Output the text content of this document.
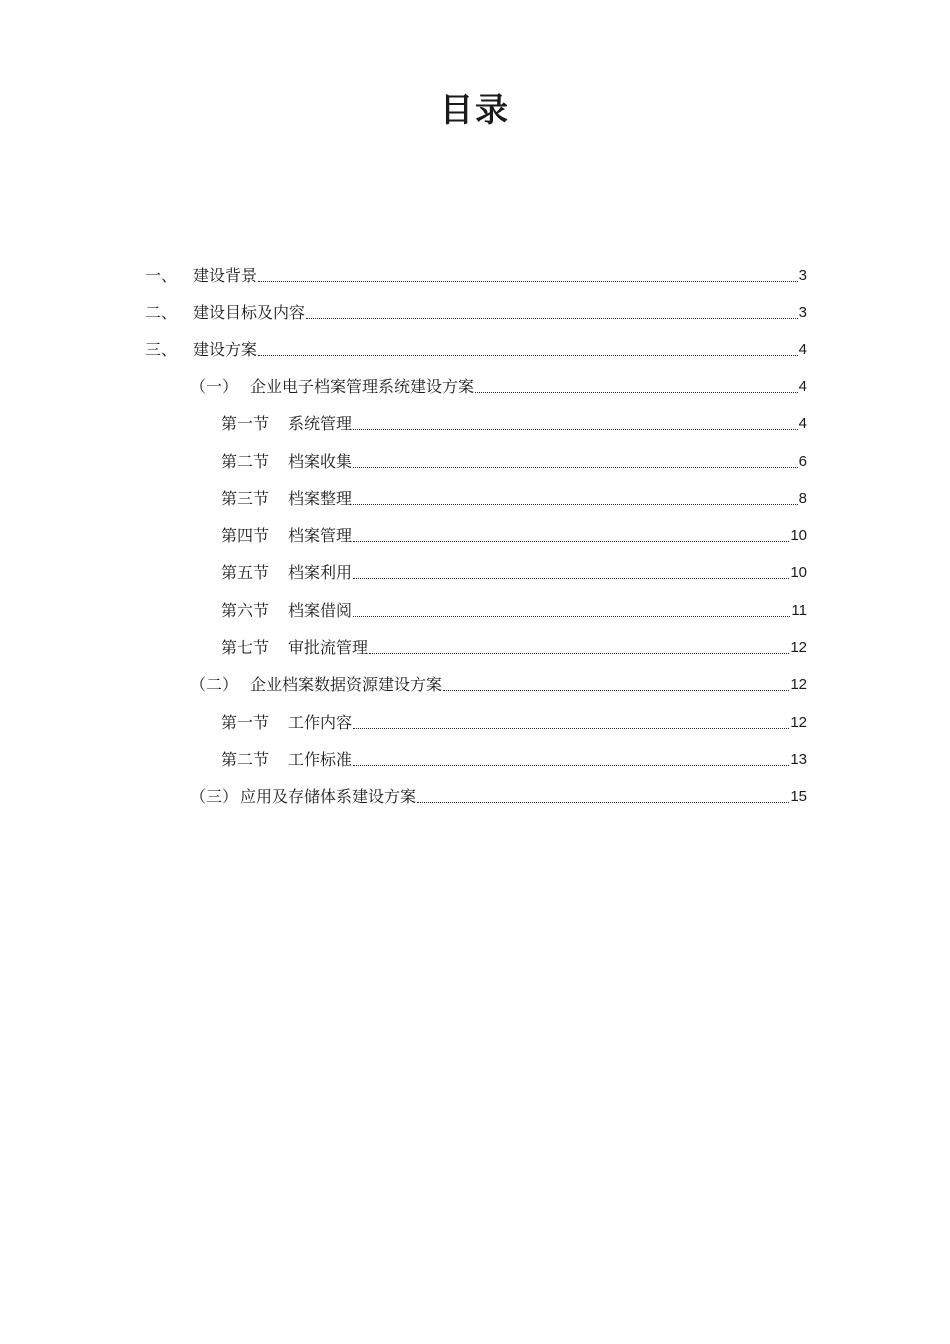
目录
一、 建设背景	3
二、 建设目标及内容	3
三、 建设方案	4
（一） 企业电子档案管理系统建设方案	4
第一节	系统管理	4
第二节	档案收集	6
第三节	档案整理	8
第四节	档案管理	10
第五节	档案利用	10
第六节	档案借阅	11
第七节	审批流管理	12
（二） 企业档案数据资源建设方案	12
第一节	工作内容	12
第二节	工作标准	13
（三） 应用及存储体系建设方案	15
